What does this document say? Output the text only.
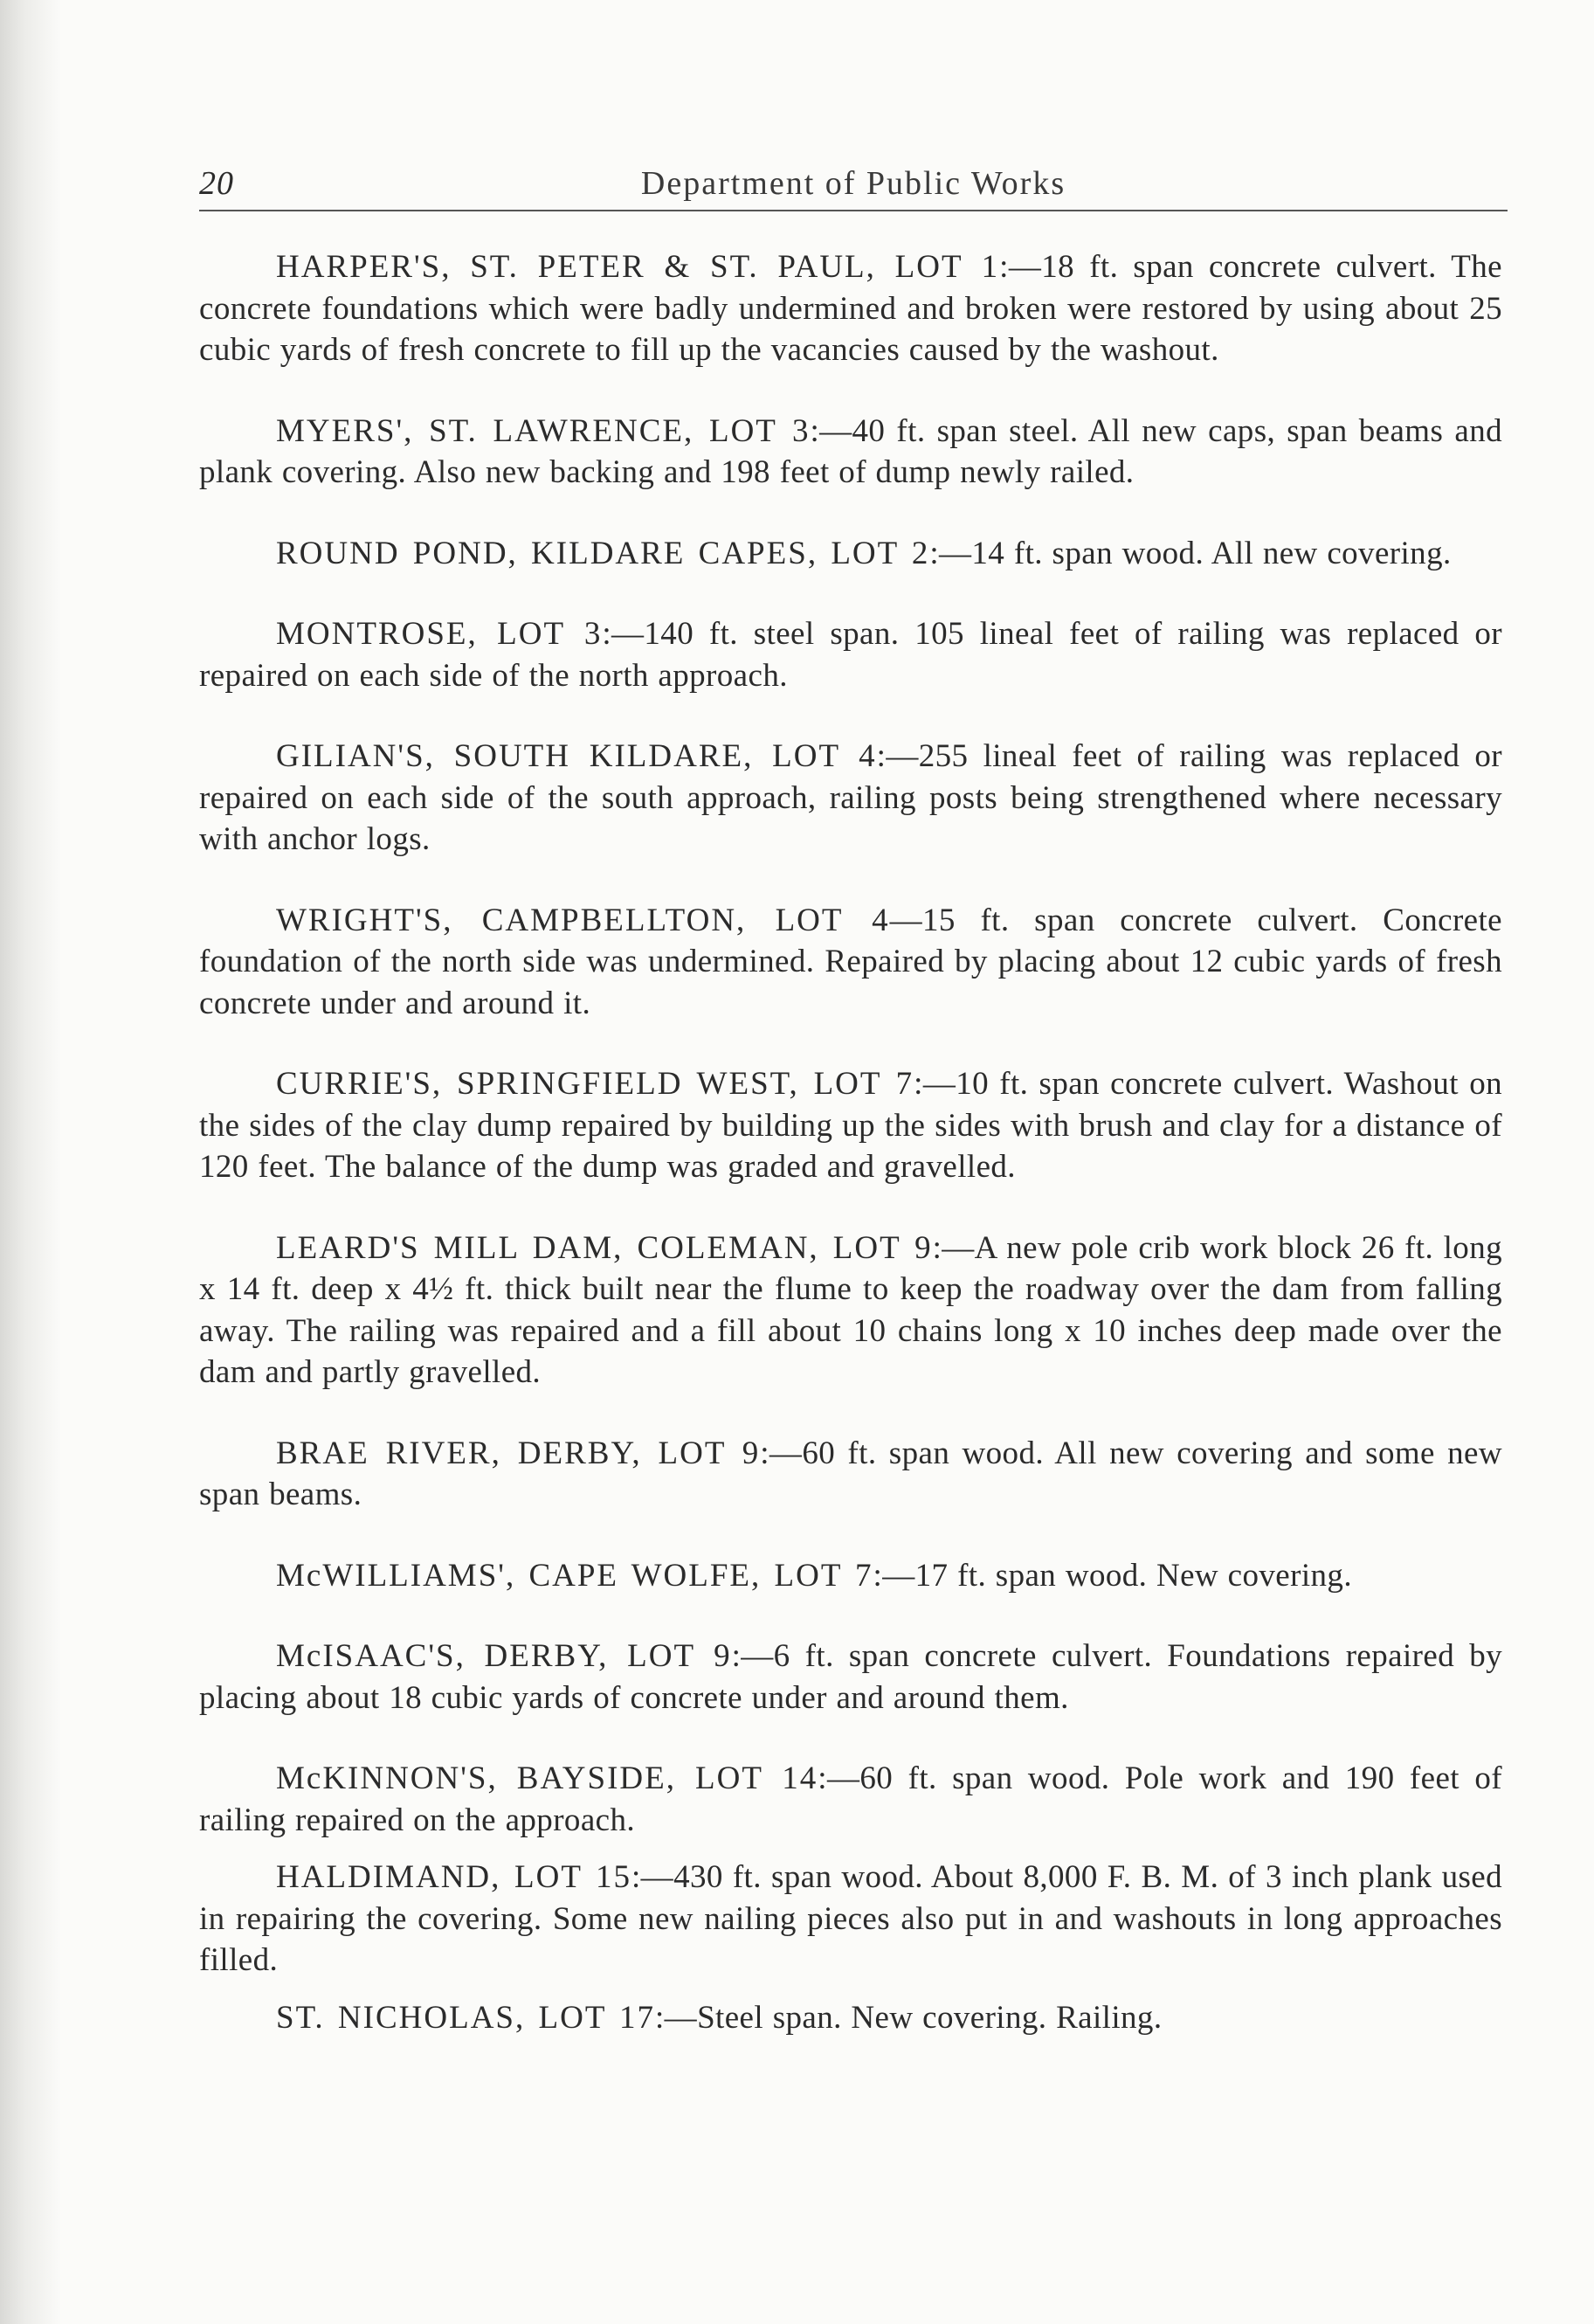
20	Department of Public Works

HARPER'S, ST. PETER & ST. PAUL, LOT 1:—18 ft. span concrete culvert. The concrete foundations which were badly undermined and broken were restored by using about 25 cubic yards of fresh concrete to fill up the vacancies caused by the washout.

MYERS', ST. LAWRENCE, LOT 3:—40 ft. span steel. All new caps, span beams and plank covering. Also new backing and 198 feet of dump newly railed.

ROUND POND, KILDARE CAPES, LOT 2:—14 ft. span wood. All new covering.

MONTROSE, LOT 3:—140 ft. steel span. 105 lineal feet of railing was replaced or repaired on each side of the north approach.

GILIAN'S, SOUTH KILDARE, LOT 4:—255 lineal feet of railing was replaced or repaired on each side of the south approach, railing posts being strengthened where necessary with anchor logs.

WRIGHT'S, CAMPBELLTON, LOT 4—15 ft. span concrete culvert. Concrete foundation of the north side was undermined. Repaired by placing about 12 cubic yards of fresh concrete under and around it.

CURRIE'S, SPRINGFIELD WEST, LOT 7:—10 ft. span concrete culvert. Washout on the sides of the clay dump repaired by building up the sides with brush and clay for a distance of 120 feet. The balance of the dump was graded and gravelled.

LEARD'S MILL DAM, COLEMAN, LOT 9:—A new pole crib work block 26 ft. long x 14 ft. deep x 4½ ft. thick built near the flume to keep the roadway over the dam from falling away. The railing was repaired and a fill about 10 chains long x 10 inches deep made over the dam and partly gravelled.

BRAE RIVER, DERBY, LOT 9:—60 ft. span wood. All new covering and some new span beams.

McWILLIAMS', CAPE WOLFE, LOT 7:—17 ft. span wood. New covering.

McISAAC'S, DERBY, LOT 9:—6 ft. span concrete culvert. Foundations repaired by placing about 18 cubic yards of concrete under and around them.

McKINNON'S, BAYSIDE, LOT 14:—60 ft. span wood. Pole work and 190 feet of railing repaired on the approach.

HALDIMAND, LOT 15:—430 ft. span wood. About 8,000 F. B. M. of 3 inch plank used in repairing the covering. Some new nailing pieces also put in and washouts in long approaches filled.

ST. NICHOLAS, LOT 17:—Steel span. New covering. Railing.
